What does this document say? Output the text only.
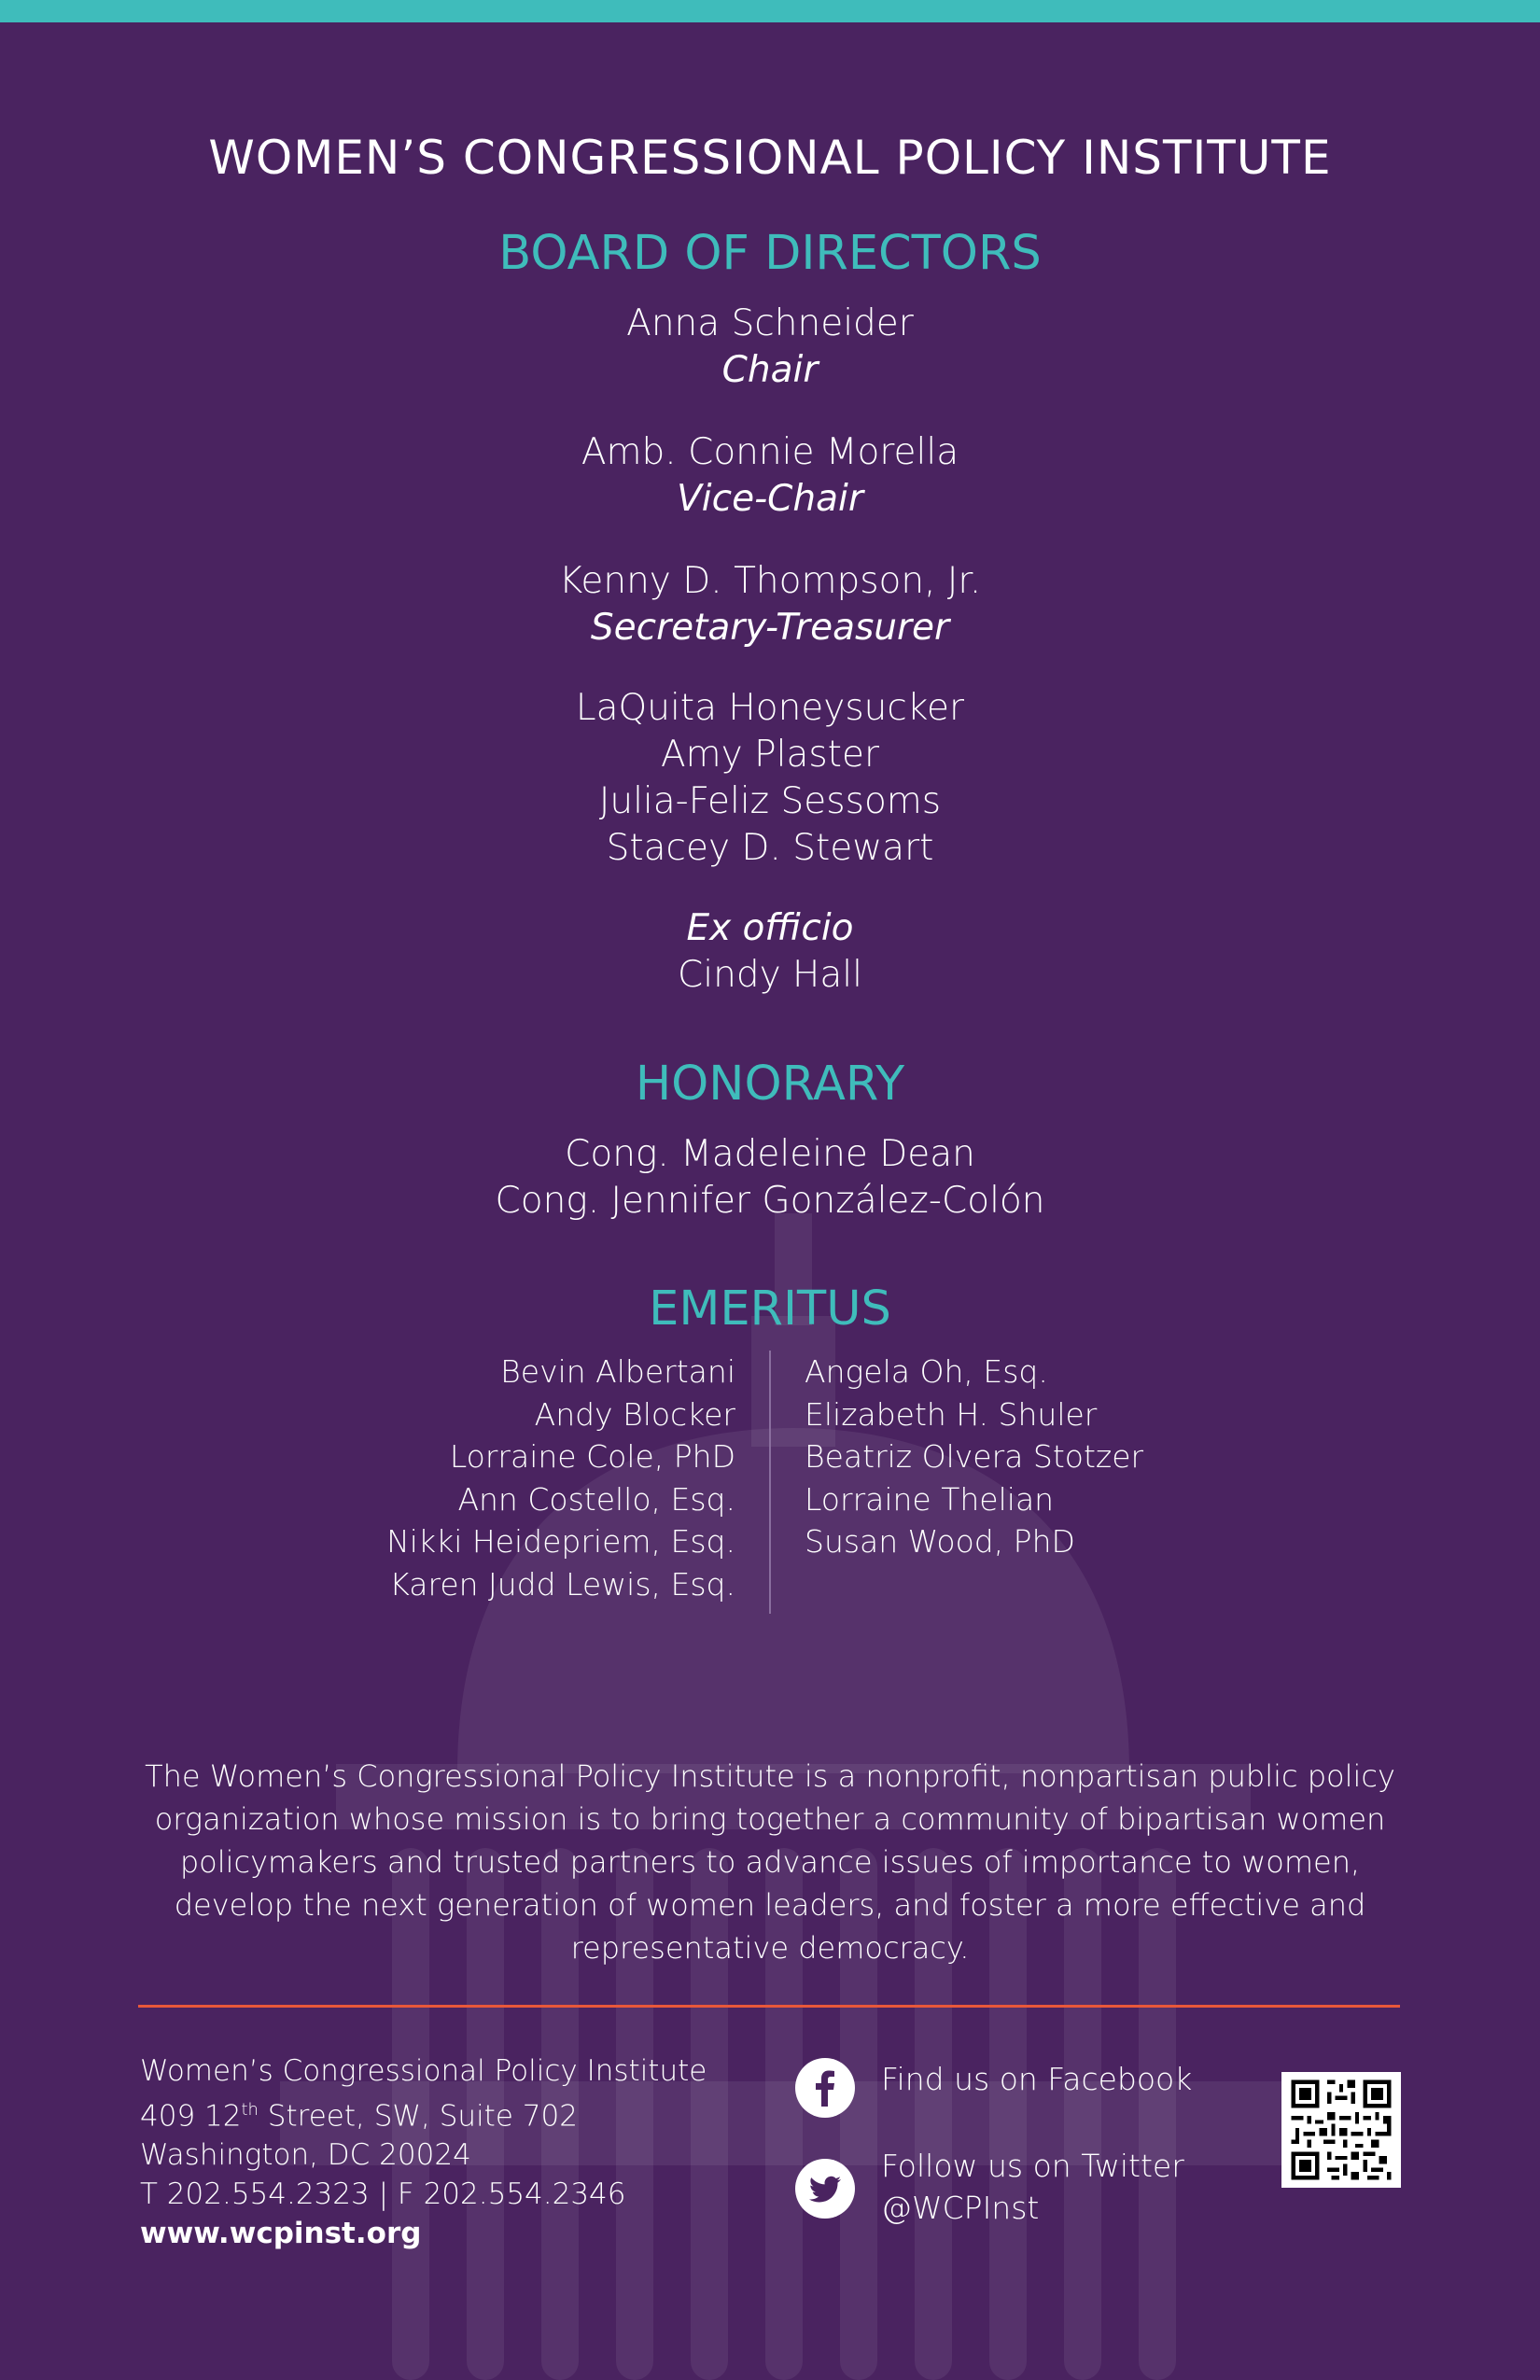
WOMEN’S CONGRESSIONAL POLICY INSTITUTE
BOARD OF DIRECTORS
Anna Schneider
Chair
Amb. Connie Morella
Vice-Chair
Kenny D. Thompson, Jr.
Secretary-Treasurer
LaQuita Honeysucker
Amy Plaster
Julia-Feliz Sessoms
Stacey D. Stewart
Ex officio
Cindy Hall
HONORARY
Cong. Madeleine Dean
Cong. Jennifer González-Colón
EMERITUS
Bevin Albertani
Andy Blocker
Lorraine Cole, PhD
Ann Costello, Esq.
Nikki Heidepriem, Esq.
Karen Judd Lewis, Esq.
Angela Oh, Esq.
Elizabeth H. Shuler
Beatriz Olvera Stotzer
Lorraine Thelian
Susan Wood, PhD
The Women’s Congressional Policy Institute is a nonprofit, nonpartisan public policy organization whose mission is to bring together a community of bipartisan women policymakers and trusted partners to advance issues of importance to women, develop the next generation of women leaders, and foster a more effective and representative democracy.
Women’s Congressional Policy Institute
409 12th Street, SW, Suite 702
Washington, DC 20024
T 202.554.2323 | F 202.554.2346
www.wcpinst.org
Find us on Facebook
Follow us on Twitter
@WCPInst
